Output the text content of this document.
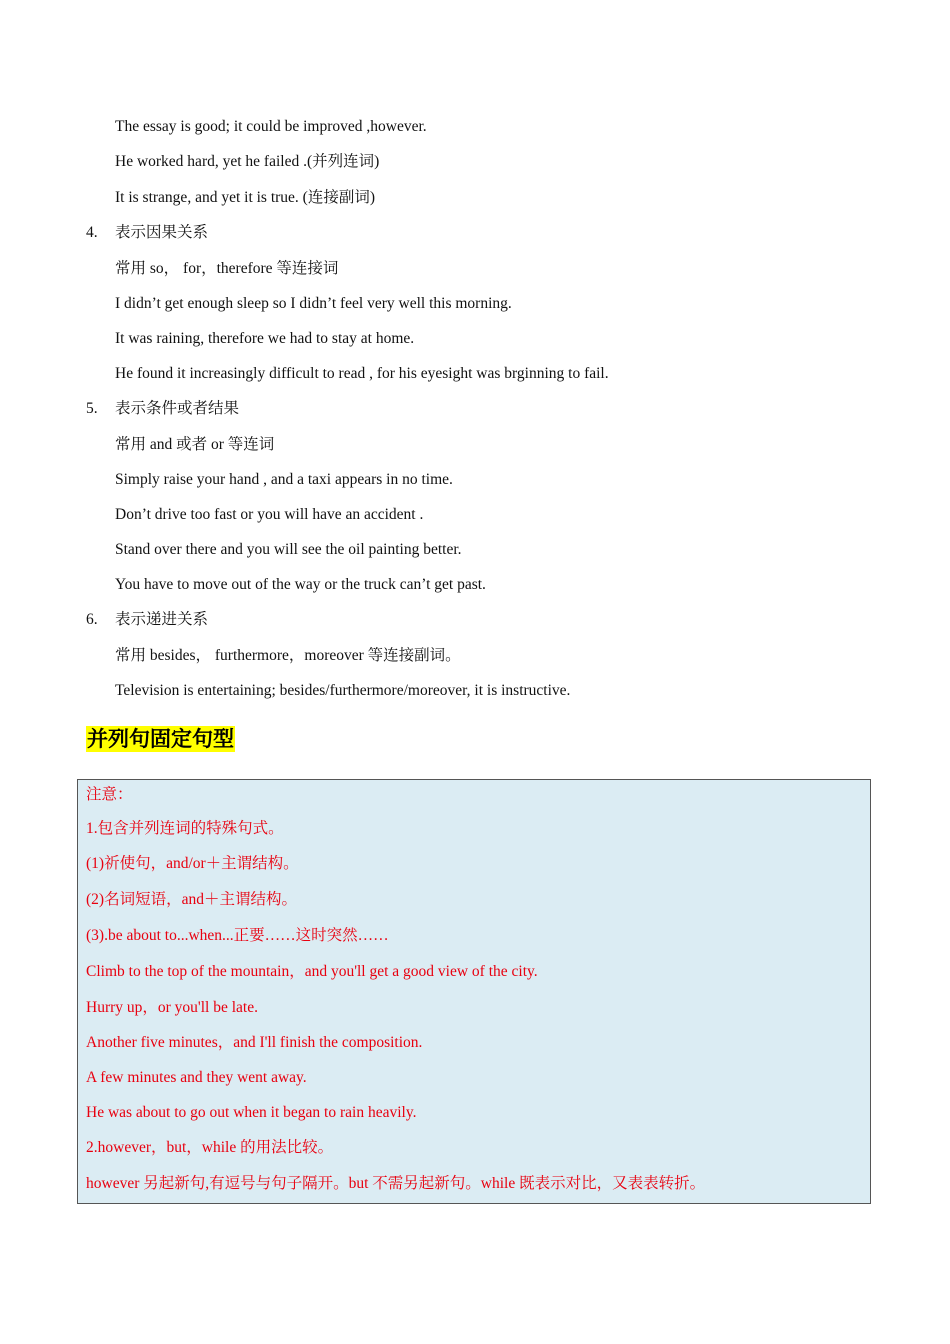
The essay is good; it could be improved ,however.
He worked hard, yet he failed .(并列连词)
It is strange, and yet it is true. (连接副词)
4. 表示因果关系
常用 so， for，therefore 等连接词
I didn’t get enough sleep so I didn’t feel very well this morning.
It was raining, therefore we had to stay at home.
He found it increasingly difficult to read , for his eyesight was brginning to fail.
5. 表示条件或者结果
常用 and 或者 or 等连词
Simply raise your hand , and a taxi appears in no time.
Don’t drive too fast or you will have an accident .
Stand over there and you will see the oil painting better.
You have to move out of the way or the truck can’t get past.
6. 表示递进关系
常用 besides， furthermore，moreover 等连接副词。
Television is entertaining; besides/furthermore/moreover, it is instructive.
并列句固定句型
注意：
1.包含并列连词的特殊句式。
(1)祈使句，and/or＋主谓结构。
(2)名词短语，and＋主谓结构。
(3).be about to...when...正要……这时突然……
Climb to the top of the mountain，and you'll get a good view of the city.
Hurry up，or you'll be late.
Another five minutes，and I'll finish the composition.
A few minutes and they went away.
He was about to go out when it began to rain heavily.
2.however，but，while 的用法比较。
however 另起新句,有逗号与句子隔开。but 不需另起新句。while 既表示对比，又表表转折。
